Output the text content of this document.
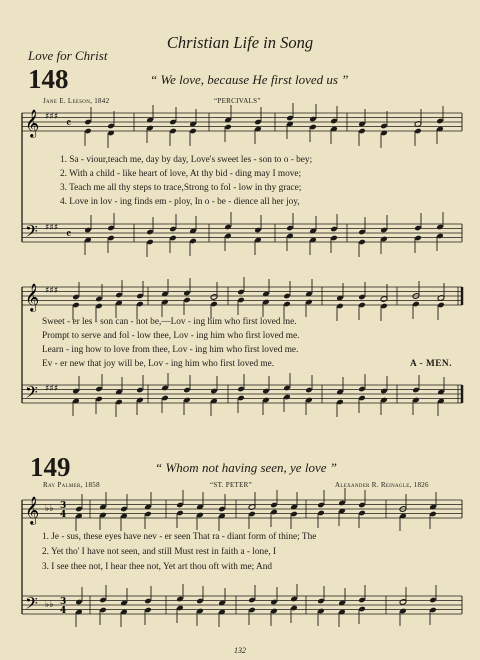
𝄞
𝄢
♯♯♯
♯♯♯
𝄴
𝄴
𝄞
𝄢
♯♯♯
♯♯♯
𝄞
𝄢
♭♭
♭♭
3
4
3
4
Christian Life in Song
Love for Christ
148	“ We love, because He first loved us ”
Jane E. Leeson, 1842	“PERCIVALS”
1. Sa - viour,teach me, day by day, Love's sweet les - son to o - bey;
2. With a child - like heart of love, At thy bid - ding may I move;
3. Teach me all thy steps to trace,Strong to fol - low in thy grace;
4. Love in lov - ing finds em - ploy, In o - be - dience all her joy,
Sweet - er les - son can - not be,—Lov - ing him who first loved me.
Prompt to serve and fol - low thee, Lov - ing him who first loved me.
Learn - ing how to love from thee, Lov - ing him who first loved me.
Ev - er new that joy will be, Lov - ing him who first loved me.	A - MEN.
149	“ Whom not having seen, ye love ”
Ray Palmer, 1858	“ST. PETER”	Alexander R. Reinagle, 1826
1. Je - sus, these eyes have nev - er seen That ra - diant form of thine; The
2. Yet tho' I have not seen, and still Must rest in faith a - lone, I
3. I see thee not, I hear thee not, Yet art thou oft with me; And
132
